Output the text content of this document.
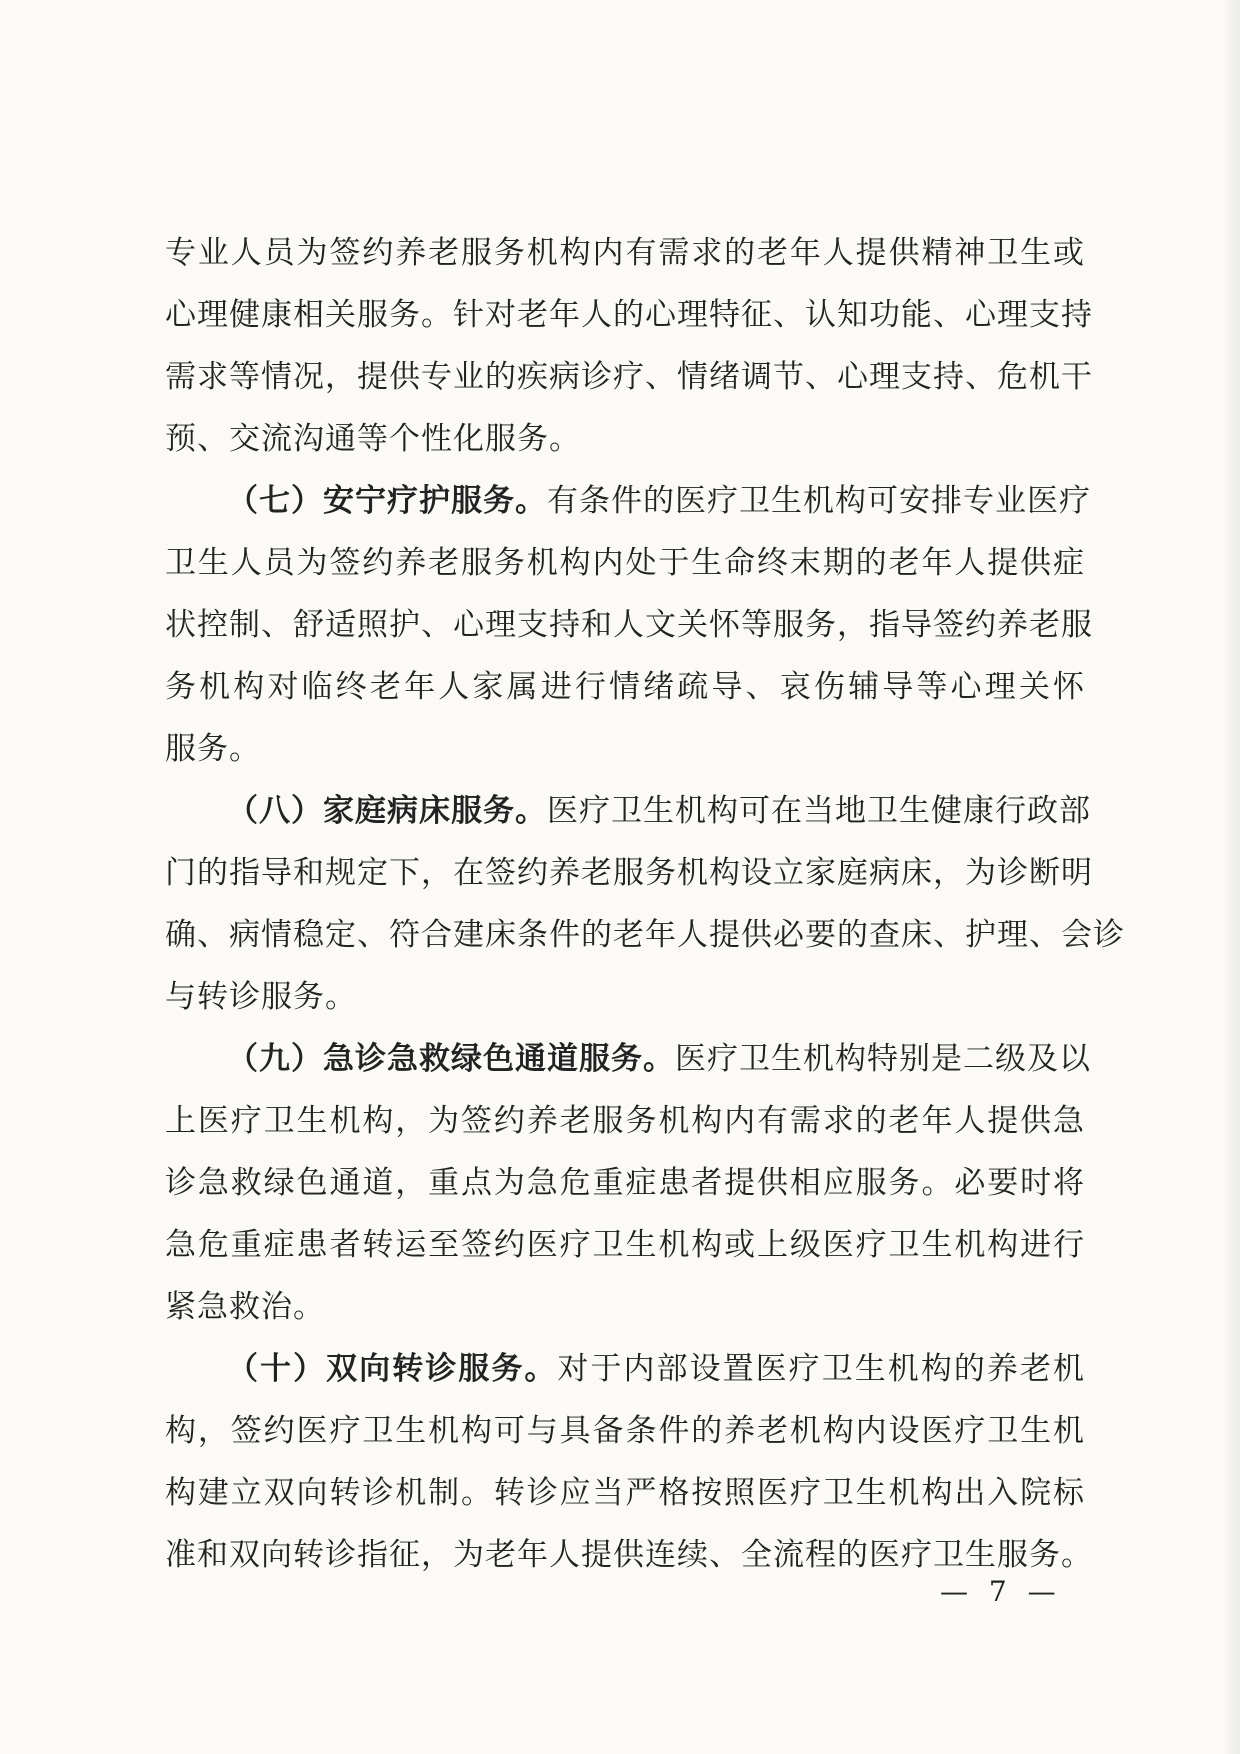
专业人员为签约养老服务机构内有需求的老年人提供精神卫生或
心理健康相关服务。针对老年人的心理特征、认知功能、心理支持
需求等情况，提供专业的疾病诊疗、情绪调节、心理支持、危机干
预、交流沟通等个性化服务。
（七）安宁疗护服务。有条件的医疗卫生机构可安排专业医疗
卫生人员为签约养老服务机构内处于生命终末期的老年人提供症
状控制、舒适照护、心理支持和人文关怀等服务，指导签约养老服
务机构对临终老年人家属进行情绪疏导、哀伤辅导等心理关怀
服务。
（八）家庭病床服务。医疗卫生机构可在当地卫生健康行政部
门的指导和规定下，在签约养老服务机构设立家庭病床，为诊断明
确、病情稳定、符合建床条件的老年人提供必要的查床、护理、会诊
与转诊服务。
（九）急诊急救绿色通道服务。医疗卫生机构特别是二级及以
上医疗卫生机构，为签约养老服务机构内有需求的老年人提供急
诊急救绿色通道，重点为急危重症患者提供相应服务。必要时将
急危重症患者转运至签约医疗卫生机构或上级医疗卫生机构进行
紧急救治。
（十）双向转诊服务。对于内部设置医疗卫生机构的养老机
构，签约医疗卫生机构可与具备条件的养老机构内设医疗卫生机
构建立双向转诊机制。转诊应当严格按照医疗卫生机构出入院标
准和双向转诊指征，为老年人提供连续、全流程的医疗卫生服务。
— 7 —
